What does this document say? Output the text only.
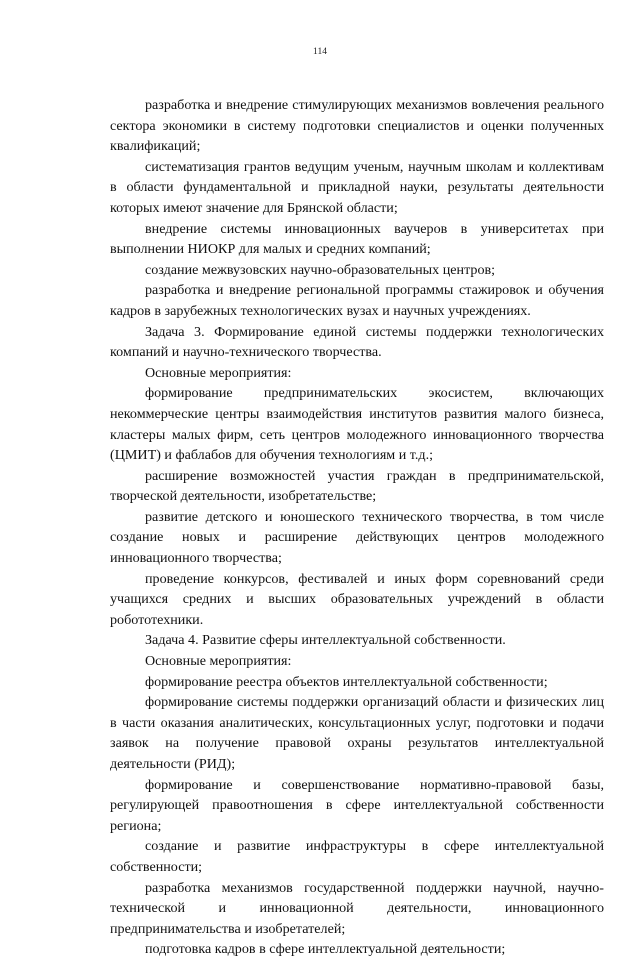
114

разработка и внедрение стимулирующих механизмов вовлечения реального сектора экономики в систему подготовки специалистов и оценки полученных квалификаций;

систематизация грантов ведущим ученым, научным школам и коллективам в области фундаментальной и прикладной науки, результаты деятельности которых имеют значение для Брянской области;

внедрение системы инновационных ваучеров в университетах при выполнении НИОКР для малых и средних компаний;

создание межвузовских научно-образовательных центров;

разработка и внедрение региональной программы стажировок и обучения кадров в зарубежных технологических вузах и научных учреждениях.

Задача 3. Формирование единой системы поддержки технологических компаний и научно-технического творчества.

Основные мероприятия:

формирование предпринимательских экосистем, включающих некоммерческие центры взаимодействия институтов развития малого бизнеса, кластеры малых фирм, сеть центров молодежного инновационного творчества (ЦМИТ) и фаблабов для обучения технологиям и т.д.;

расширение возможностей участия граждан в предпринимательской, творческой деятельности, изобретательстве;

развитие детского и юношеского технического творчества, в том числе создание новых и расширение действующих центров молодежного инновационного творчества;

проведение конкурсов, фестивалей и иных форм соревнований среди учащихся средних и высших образовательных учреждений в области робототехники.

Задача 4. Развитие сферы интеллектуальной собственности.

Основные мероприятия:

формирование реестра объектов интеллектуальной собственности;

формирование системы поддержки организаций области и физических лиц в части оказания аналитических, консультационных услуг, подготовки и подачи заявок на получение правовой охраны результатов интеллектуальной деятельности (РИД);

формирование и совершенствование нормативно-правовой базы, регулирующей правоотношения в сфере интеллектуальной собственности региона;

создание и развитие инфраструктуры в сфере интеллектуальной собственности;

разработка механизмов государственной поддержки научной, научно-технической и инновационной деятельности, инновационного предпринимательства и изобретателей;

подготовка кадров в сфере интеллектуальной деятельности;
